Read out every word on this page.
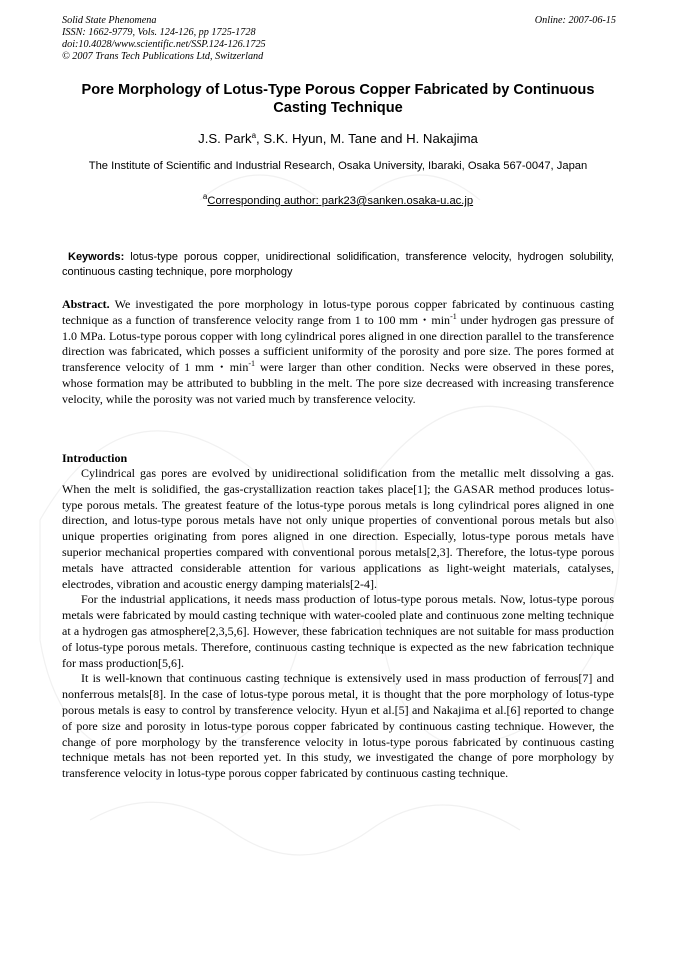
Solid State Phenomena
ISSN: 1662-9779, Vols. 124-126, pp 1725-1728
doi:10.4028/www.scientific.net/SSP.124-126.1725
© 2007 Trans Tech Publications Ltd, Switzerland
Online: 2007-06-15
Pore Morphology of Lotus-Type Porous Copper Fabricated by Continuous Casting Technique
J.S. Park$^a$, S.K. Hyun, M. Tane and H. Nakajima
The Institute of Scientific and Industrial Research, Osaka University, Ibaraki, Osaka 567-0047, Japan
$^a$Corresponding author: park23@sanken.osaka-u.ac.jp
Keywords: lotus-type porous copper, unidirectional solidification, transference velocity, hydrogen solubility, continuous casting technique, pore morphology
Abstract. We investigated the pore morphology in lotus-type porous copper fabricated by continuous casting technique as a function of transference velocity range from 1 to 100 mm・$\min^{-1}$ under hydrogen gas pressure of 1.0 MPa. Lotus-type porous copper with long cylindrical pores aligned in one direction parallel to the transference direction was fabricated, which posses a sufficient uniformity of the porosity and pore size. The pores formed at transference velocity of 1 mm・$\min^{-1}$ were larger than other condition. Necks were observed in these pores, whose formation may be attributed to bubbling in the melt. The pore size decreased with increasing transference velocity, while the porosity was not varied much by transference velocity.
Introduction

Cylindrical gas pores are evolved by unidirectional solidification from the metallic melt dissolving a gas. When the melt is solidified, the gas-crystallization reaction takes place[1]; the GASAR method produces lotus-type porous metals. The greatest feature of the lotus-type porous metals is long cylindrical pores aligned in one direction, and lotus-type porous metals have not only unique properties of conventional porous metals but also unique properties originating from pores aligned in one direction. Especially, lotus-type porous metals have superior mechanical properties compared with conventional porous metals[2,3]. Therefore, the lotus-type porous metals have attracted considerable attention for various applications as light-weight materials, catalyses, electrodes, vibration and acoustic energy damping materials[2-4].

For the industrial applications, it needs mass production of lotus-type porous metals. Now, lotus-type porous metals were fabricated by mould casting technique with water-cooled plate and continuous zone melting technique at a hydrogen gas atmosphere[2,3,5,6]. However, these fabrication techniques are not suitable for mass production of lotus-type porous metals. Therefore, continuous casting technique is expected as the new fabrication technique for mass production[5,6].

It is well-known that continuous casting technique is extensively used in mass production of ferrous[7] and nonferrous metals[8]. In the case of lotus-type porous metal, it is thought that the pore morphology of lotus-type porous metals is easy to control by transference velocity. Hyun et al.[5] and Nakajima et al.[6] reported to change of pore size and porosity in lotus-type porous copper fabricated by continuous casting technique. However, the change of pore morphology by the transference velocity in lotus-type porous fabricated by continuous casting technique metals has not been reported yet. In this study, we investigated the change of pore morphology by transference velocity in lotus-type porous copper fabricated by continuous casting technique.
